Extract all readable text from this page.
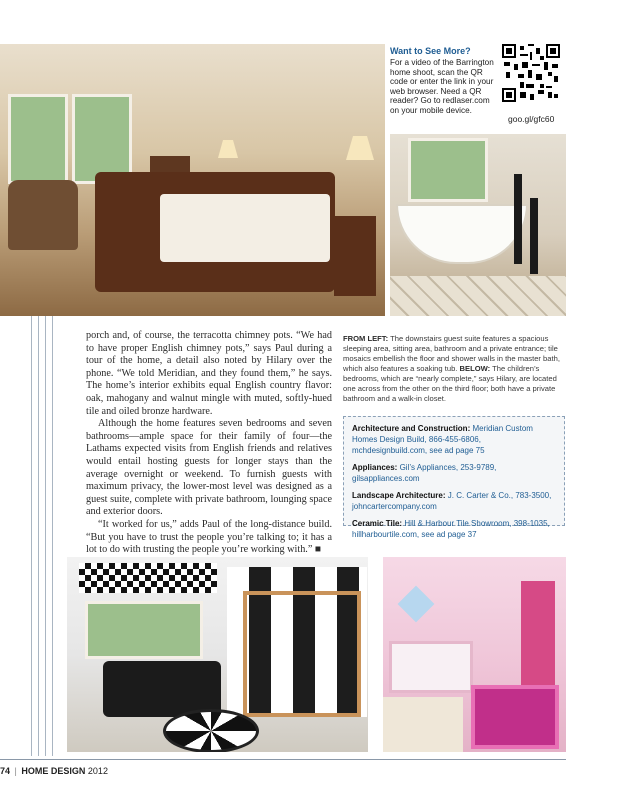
Want to See More?
For a video of the Barrington home shoot, scan the QR code or enter the link in your web browser. Need a QR reader? Go to redlaser.com on your mobile device.
goo.gl/gfc60

porch and, of course, the terracotta chimney pots. “We had to have proper English chimney pots,” says Paul during a tour of the home, a detail also noted by Hilary over the phone. “We told Meridian, and they found them,” he says. The home’s interior exhibits equal English country flavor: oak, mahogany and walnut mingle with muted, softly-hued tile and oiled bronze hardware.

Although the home features seven bedrooms and seven bathrooms—ample space for their family of four—the Lathams expected visits from English friends and relatives would entail hosting guests for longer stays than the average overnight or weekend. To furnish guests with maximum privacy, the lower-most level was designed as a guest suite, complete with private bathroom, lounging space and exterior doors.

“It worked for us,” adds Paul of the long-distance build. “But you have to trust the people you’re talking to; it has a lot to do with trusting the people you’re working with.” ■

FROM LEFT: The downstairs guest suite features a spacious sleeping area, sitting area, bathroom and a private entrance; tile mosaics embellish the floor and shower walls in the master bath, which also features a soaking tub. BELOW: The children’s bedrooms, which are “nearly complete,” says Hilary, are located one across from the other on the third floor; both have a private bathroom and a walk-in closet.
Architecture and Construction: Meridian Custom Homes Design Build, 866-455-6806, mchdesignbuild.com, see ad page 75
Appliances: Gil’s Appliances, 253-9789, gilsappliances.com
Landscape Architecture: J. C. Carter & Co., 783-3500, johncartercompany.com
Ceramic Tile: Hill & Harbour Tile Showroom, 398-1035, hillharbourtile.com, see ad page 37
74 | HOME DESIGN 2012
